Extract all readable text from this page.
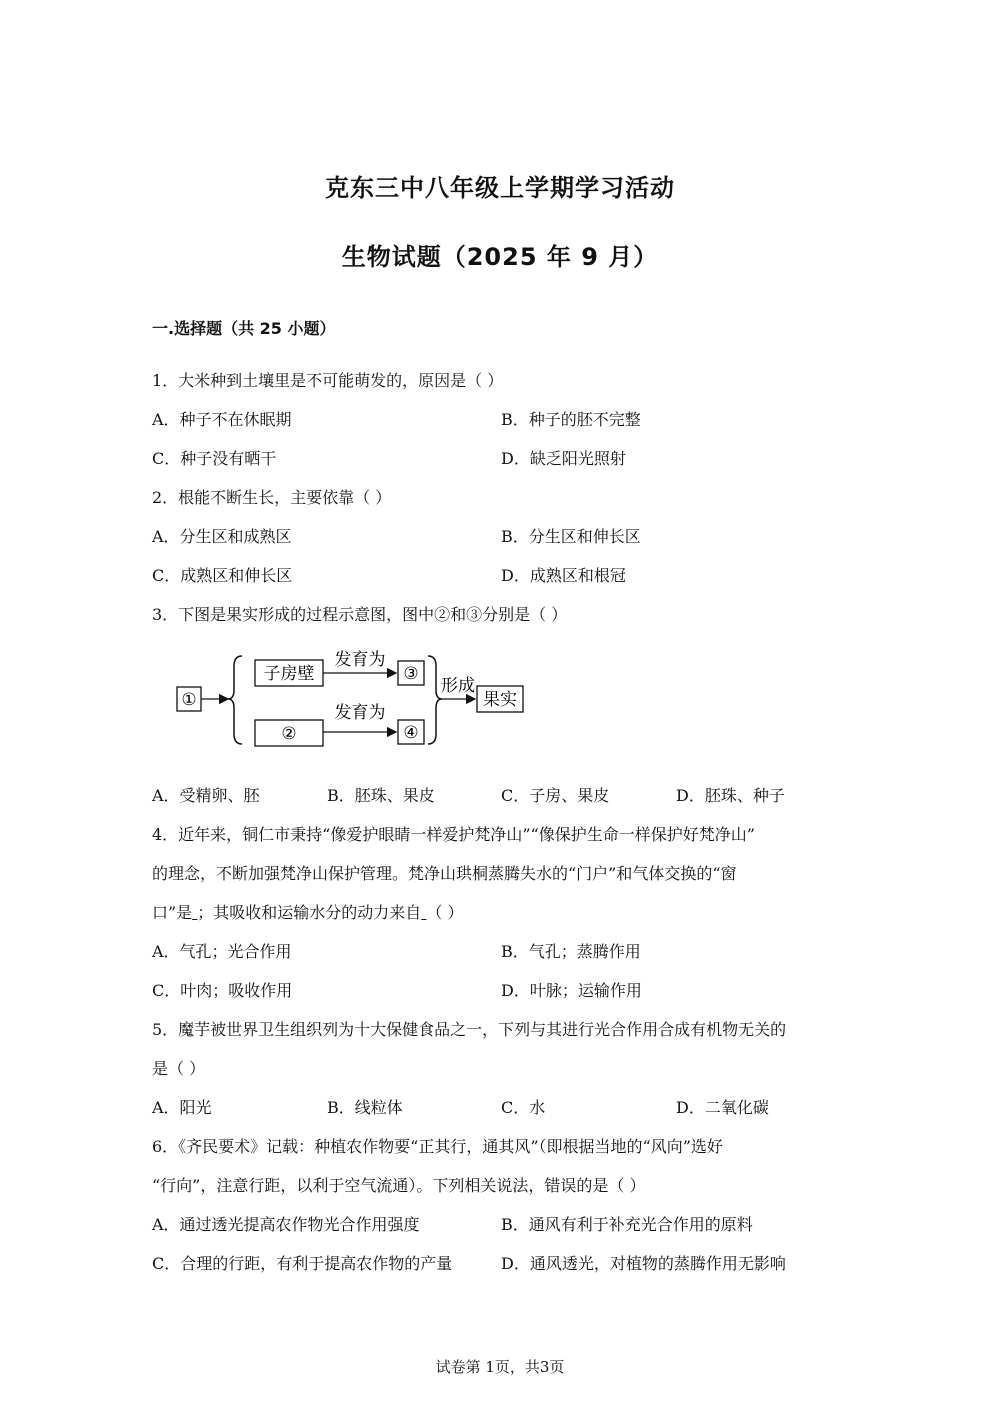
克东三中八年级上学期学习活动
生物试题（2025 年 9 月）
一.选择题（共 25 小题）
1．大米种到土壤里是不可能萌发的，原因是（ ）
A．种子不在休眠期	B．种子的胚不完整
C．种子没有晒干	D．缺乏阳光照射
2．根能不断生长，主要依靠（ ）
A．分生区和成熟区	B．分生区和伸长区
C．成熟区和伸长区	D．成熟区和根冠
3．下图是果实形成的过程示意图，图中②和③分别是（ ）
①
子房壁
发育为
③
②
发育为
④
形成
果实
A．受精卵、胚	B．胚珠、果皮	C．子房、果皮	D．胚珠、种子
4．近年来，铜仁市秉持“像爱护眼睛一样爱护梵净山”“像保护生命一样保护好梵净山”
的理念，不断加强梵净山保护管理。梵净山珙桐蒸腾失水的“门户”和气体交换的“窗
口”是 ；其吸收和运输水分的动力来自 （ ）
A．气孔；光合作用	B．气孔；蒸腾作用
C．叶肉；吸收作用	D．叶脉；运输作用
5．魔芋被世界卫生组织列为十大保健食品之一，下列与其进行光合作用合成有机物无关的
是（ ）
A．阳光	B．线粒体	C．水	D．二氧化碳
6．《齐民要术》记载：种植农作物要“正其行，通其风”（即根据当地的“风向”选好
“行向”，注意行距，以利于空气流通）。下列相关说法，错误的是（ ）
A．通过透光提高农作物光合作用强度	B．通风有利于补充光合作用的原料
C．合理的行距，有利于提高农作物的产量	D．通风透光，对植物的蒸腾作用无影响
试卷第 1页，共3页
